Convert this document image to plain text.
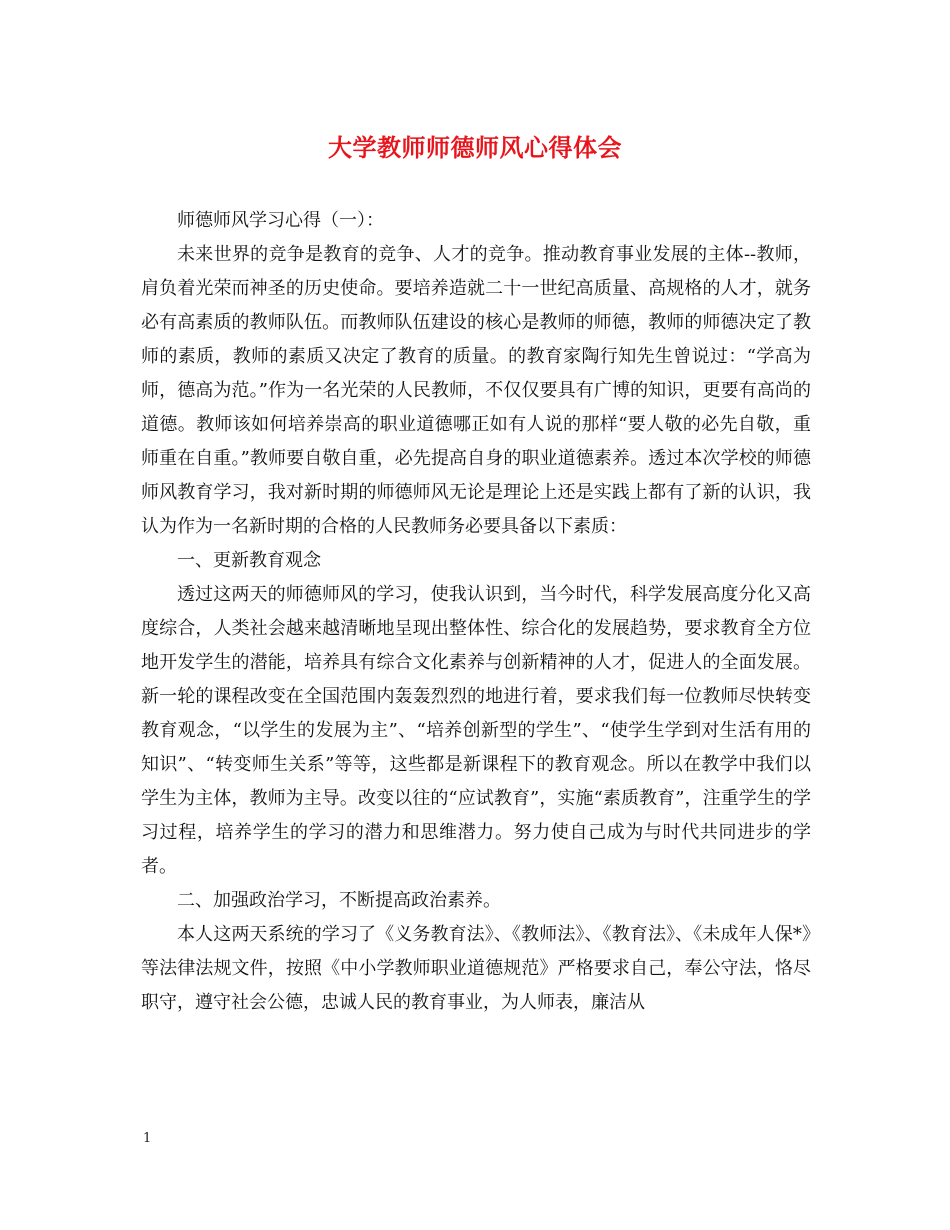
大学教师师德师风心得体会

师德师风学习心得（一）：

未来世界的竞争是教育的竞争、人才的竞争。推动教育事业发展的主体--教师，肩负着光荣而神圣的历史使命。要培养造就二十一世纪高质量、高规格的人才，就务必有高素质的教师队伍。而教师队伍建设的核心是教师的师德，教师的师德决定了教师的素质，教师的素质又决定了教育的质量。的教育家陶行知先生曾说过：“学高为师，德高为范。”作为一名光荣的人民教师，不仅仅要具有广博的知识，更要有高尚的道德。教师该如何培养崇高的职业道德哪正如有人说的那样“要人敬的必先自敬，重师重在自重。”教师要自敬自重，必先提高自身的职业道德素养。透过本次学校的师德师风教育学习，我对新时期的师德师风无论是理论上还是实践上都有了新的认识，我认为作为一名新时期的合格的人民教师务必要具备以下素质：

一、更新教育观念

透过这两天的师德师风的学习，使我认识到，当今时代，科学发展高度分化又高度综合，人类社会越来越清晰地呈现出整体性、综合化的发展趋势，要求教育全方位地开发学生的潜能，培养具有综合文化素养与创新精神的人才，促进人的全面发展。新一轮的课程改变在全国范围内轰轰烈烈的地进行着，要求我们每一位教师尽快转变教育观念，“以学生的发展为主”、“培养创新型的学生”、“使学生学到对生活有用的知识”、“转变师生关系”等等，这些都是新课程下的教育观念。所以在教学中我们以学生为主体，教师为主导。改变以往的“应试教育”，实施“素质教育”，注重学生的学习过程，培养学生的学习的潜力和思维潜力。努力使自己成为与时代共同进步的学者。

二、加强政治学习，不断提高政治素养。

本人这两天系统的学习了《义务教育法》、《教师法》、《教育法》、《未成年人保*》等法律法规文件，按照《中小学教师职业道德规范》严格要求自己，奉公守法，恪尽职守，遵守社会公德，忠诚人民的教育事业，为人师表，廉洁从

1
